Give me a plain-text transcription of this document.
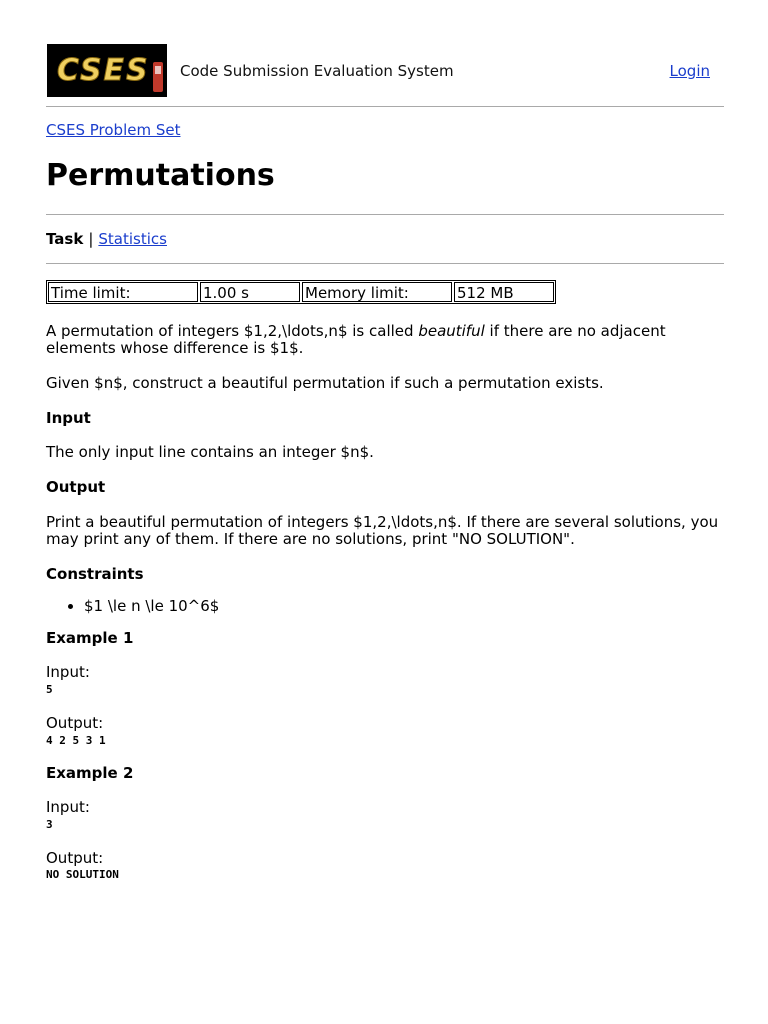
CSES Code Submission Evaluation System	Login
CSES Problem Set
Permutations
Task | Statistics
Time limit:	1.00 s	Memory limit:	512 MB

A permutation of integers $1,2,\ldots,n$ is called beautiful if there are no adjacent elements whose difference is $1$.

Given $n$, construct a beautiful permutation if such a permutation exists.

Input

The only input line contains an integer $n$.

Output

Print a beautiful permutation of integers $1,2,\ldots,n$. If there are several solutions, you may print any of them. If there are no solutions, print "NO SOLUTION".

Constraints
• $1 \le n \le 10^6$
Example 1

Input:

5

Output:

4 2 5 3 1
Example 2

Input:

3

Output:

NO SOLUTION
